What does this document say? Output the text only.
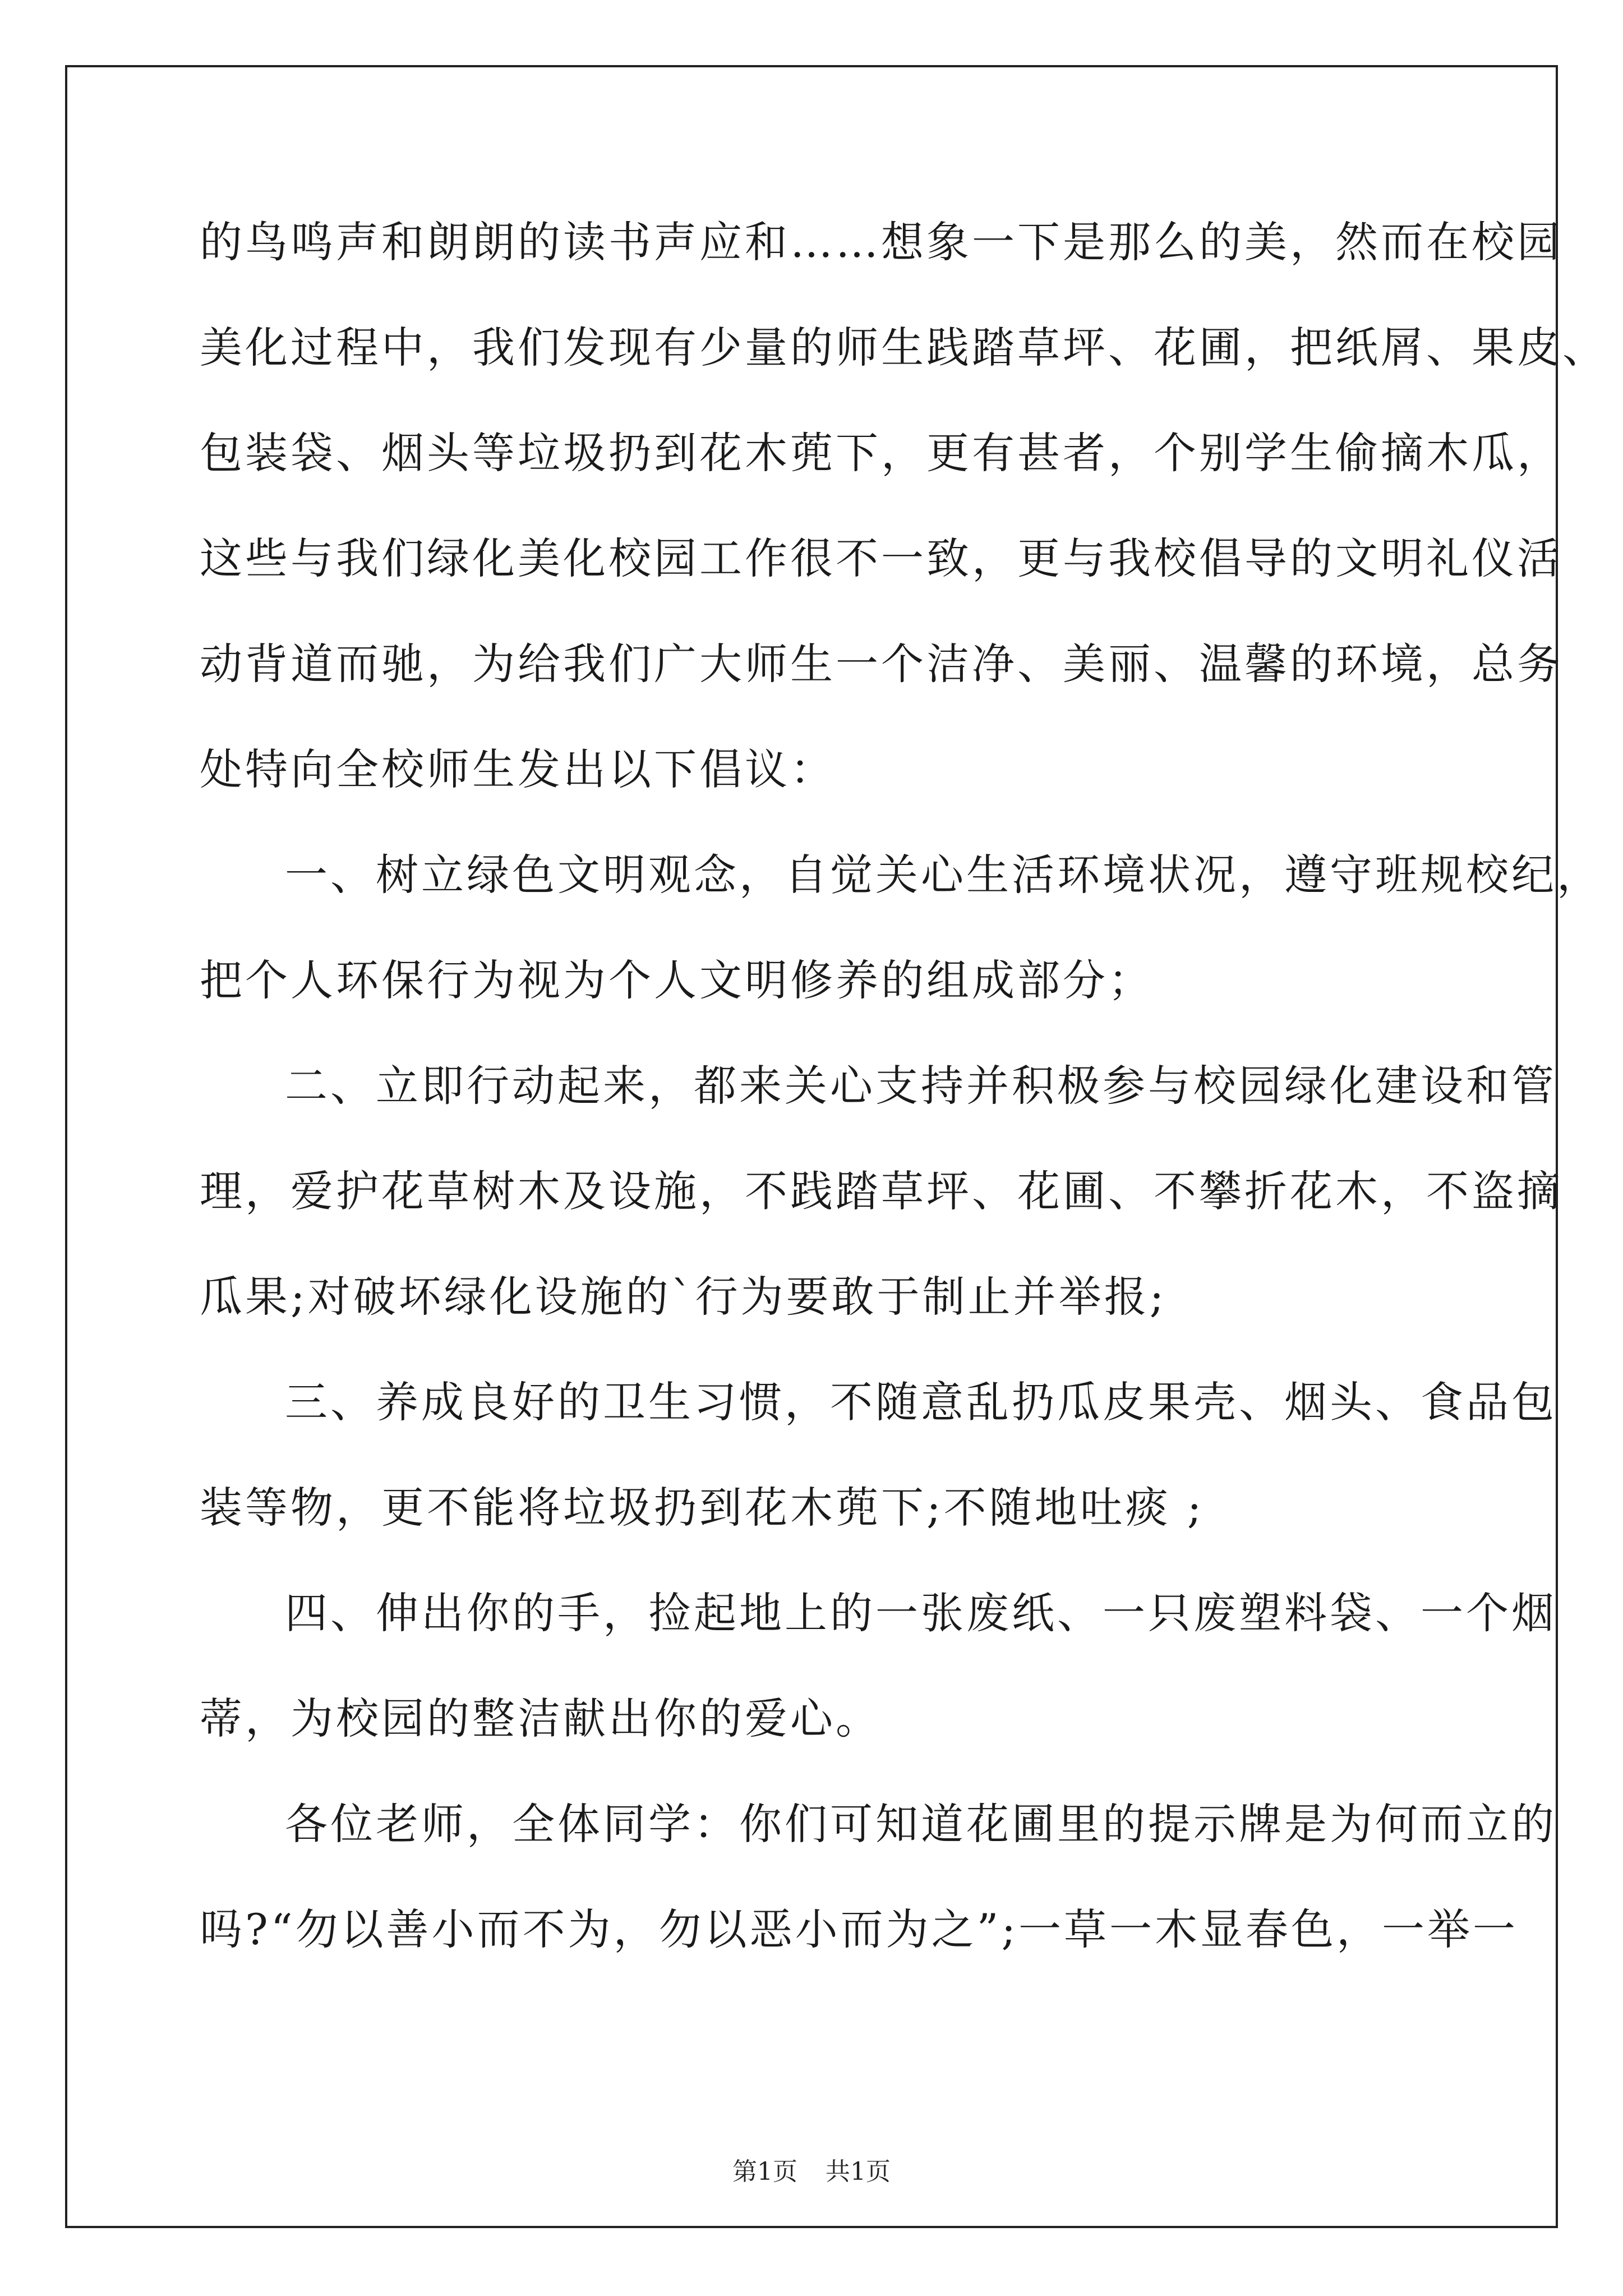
的鸟鸣声和朗朗的读书声应和……想象一下是那么的美，然而在校园
美化过程中，我们发现有少量的师生践踏草坪、花圃，把纸屑、果皮、
包装袋、烟头等垃圾扔到花木蔸下，更有甚者，个别学生偷摘木瓜，
这些与我们绿化美化校园工作很不一致，更与我校倡导的文明礼仪活
动背道而驰，为给我们广大师生一个洁净、美丽、温馨的环境，总务
处特向全校师生发出以下倡议：
一、树立绿色文明观念，自觉关心生活环境状况，遵守班规校纪，
把个人环保行为视为个人文明修养的组成部分；
二、立即行动起来，都来关心支持并积极参与校园绿化建设和管
理，爱护花草树木及设施，不践踏草坪、花圃、不攀折花木，不盗摘
瓜果;对破坏绿化设施的`行为要敢于制止并举报;
三、养成良好的卫生习惯，不随意乱扔瓜皮果壳、烟头、食品包
装等物，更不能将垃圾扔到花木蔸下;不随地吐痰 ;
四、伸出你的手，捡起地上的一张废纸、一只废塑料袋、一个烟
蒂，为校园的整洁献出你的爱心。
各位老师，全体同学：你们可知道花圃里的提示牌是为何而立的
吗?“勿以善小而不为，勿以恶小而为之”;一草一木显春色，一举一
第1页 共1页
